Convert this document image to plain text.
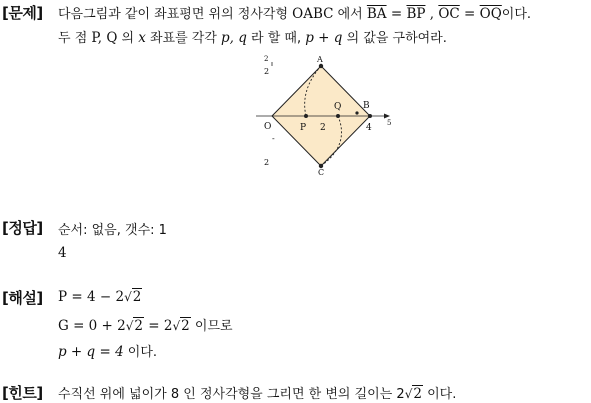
[문제] 다음그림과 같이 좌표평면 위의 정사각형 OABC 에서 $\overline{BA} = \overline{BP}$ , $\overline{OC} = \overline{OQ}$이다.
두 점 P, Q 의 x 좌표를 각각 p, q 라 할 때, p + q 의 값을 구하여라.
A
B
C
O	P
Q
2	4 5
2
2
-
2
[정답] 순서: 없음, 갯수: 1
4
[해설] P = 4 − 2√2
G = 0 + 2√2 = 2√2 이므로
p + q = 4 이다.
[힌트] 수직선 위에 넓이가 8 인 정사각형을 그리면 한 변의 길이는 2√2 이다.
